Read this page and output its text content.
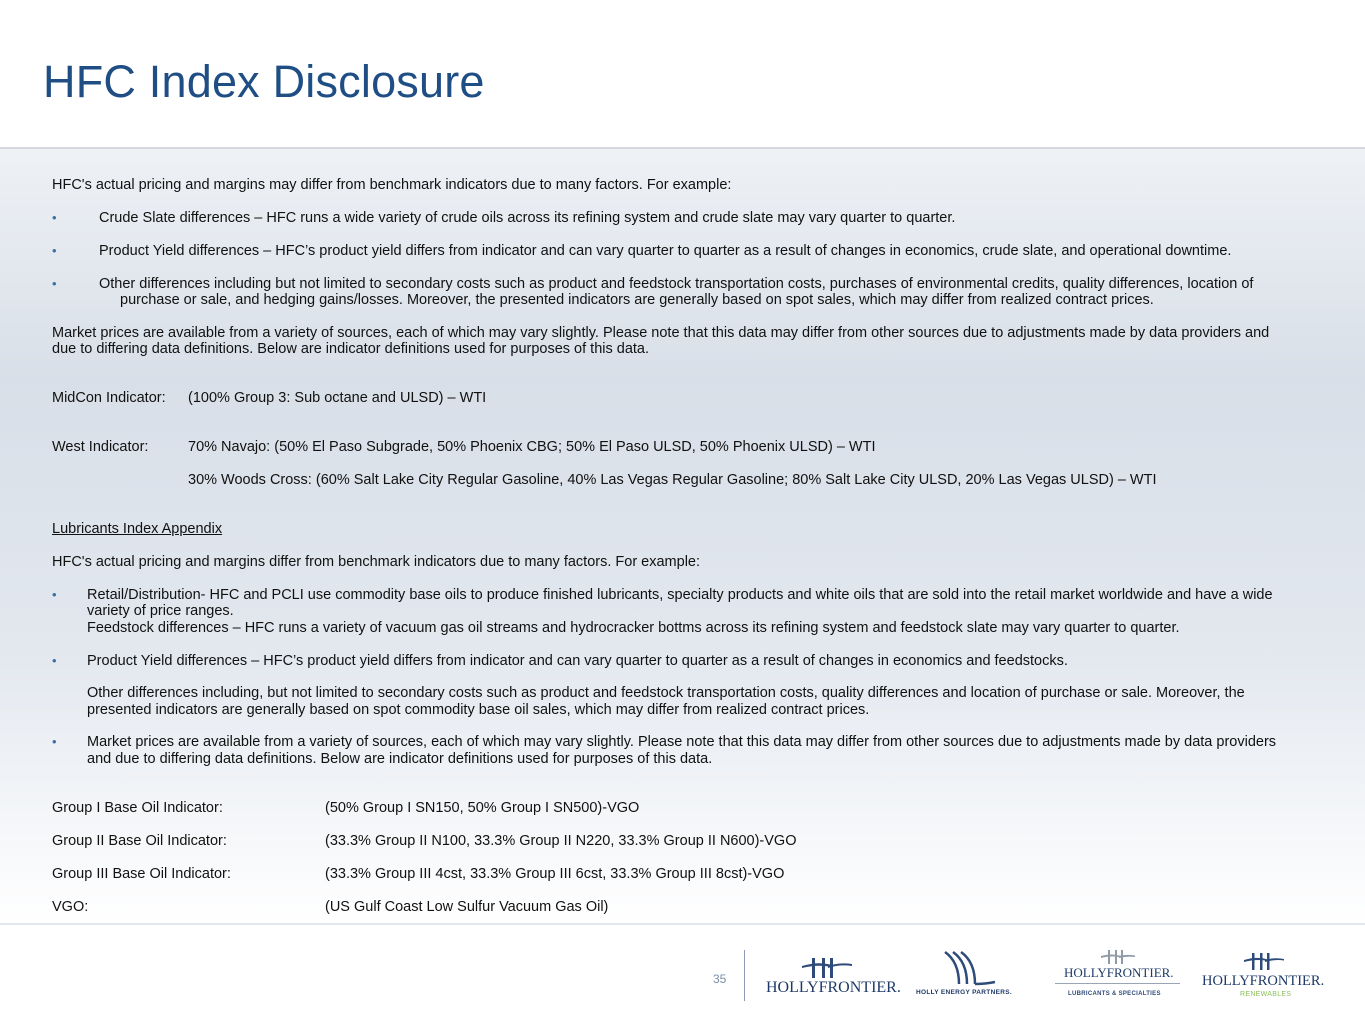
HFC Index Disclosure
HFC's actual pricing and margins may differ from benchmark indicators due to many factors. For example:
•	Crude Slate differences – HFC runs a wide variety of crude oils across its refining system and crude slate may vary quarter to quarter.
•	Product Yield differences – HFC’s product yield differs from indicator and can vary quarter to quarter as a result of changes in economics, crude slate, and operational downtime.
•	Other differences including but not limited to secondary costs such as product and feedstock transportation costs, purchases of environmental credits, quality differences, location of
purchase or sale, and hedging gains/losses. Moreover, the presented indicators are generally based on spot sales, which may differ from realized contract prices.
Market prices are available from a variety of sources, each of which may vary slightly. Please note that this data may differ from other sources due to adjustments made by data providers and
due to differing data definitions. Below are indicator definitions used for purposes of this data.
MidCon Indicator: (100% Group 3: Sub octane and ULSD) – WTI
West Indicator:	70% Navajo: (50% El Paso Subgrade, 50% Phoenix CBG; 50% El Paso ULSD, 50% Phoenix ULSD) – WTI
30% Woods Cross: (60% Salt Lake City Regular Gasoline, 40% Las Vegas Regular Gasoline; 80% Salt Lake City ULSD, 20% Las Vegas ULSD) – WTI
Lubricants Index Appendix
HFC's actual pricing and margins differ from benchmark indicators due to many factors. For example:
• Retail/Distribution- HFC and PCLI use commodity base oils to produce finished lubricants, specialty products and white oils that are sold into the retail market worldwide and have a wide
variety of price ranges.
Feedstock differences – HFC runs a variety of vacuum gas oil streams and hydrocracker bottms across its refining system and feedstock slate may vary quarter to quarter.
• Product Yield differences – HFC’s product yield differs from indicator and can vary quarter to quarter as a result of changes in economics and feedstocks.
Other differences including, but not limited to secondary costs such as product and feedstock transportation costs, quality differences and location of purchase or sale. Moreover, the
presented indicators are generally based on spot commodity base oil sales, which may differ from realized contract prices.
• Market prices are available from a variety of sources, each of which may vary slightly. Please note that this data may differ from other sources due to adjustments made by data providers
and due to differing data definitions. Below are indicator definitions used for purposes of this data.
Group I Base Oil Indicator:	(50% Group I SN150, 50% Group I SN500)-VGO
Group II Base Oil Indicator:	(33.3% Group II N100, 33.3% Group II N220, 33.3% Group II N600)-VGO
Group III Base Oil Indicator:	(33.3% Group III 4cst, 33.3% Group III 6cst, 33.3% Group III 8cst)-VGO
VGO:	(US Gulf Coast Low Sulfur Vacuum Gas Oil)
35 HOLLYFRONTIER. HOLLY ENERGY PARTNERS.
HOLLYFRONTIER.
LUBRICANTS & SPECIALTIES
HOLLYFRONTIER.
RENEWABLES
